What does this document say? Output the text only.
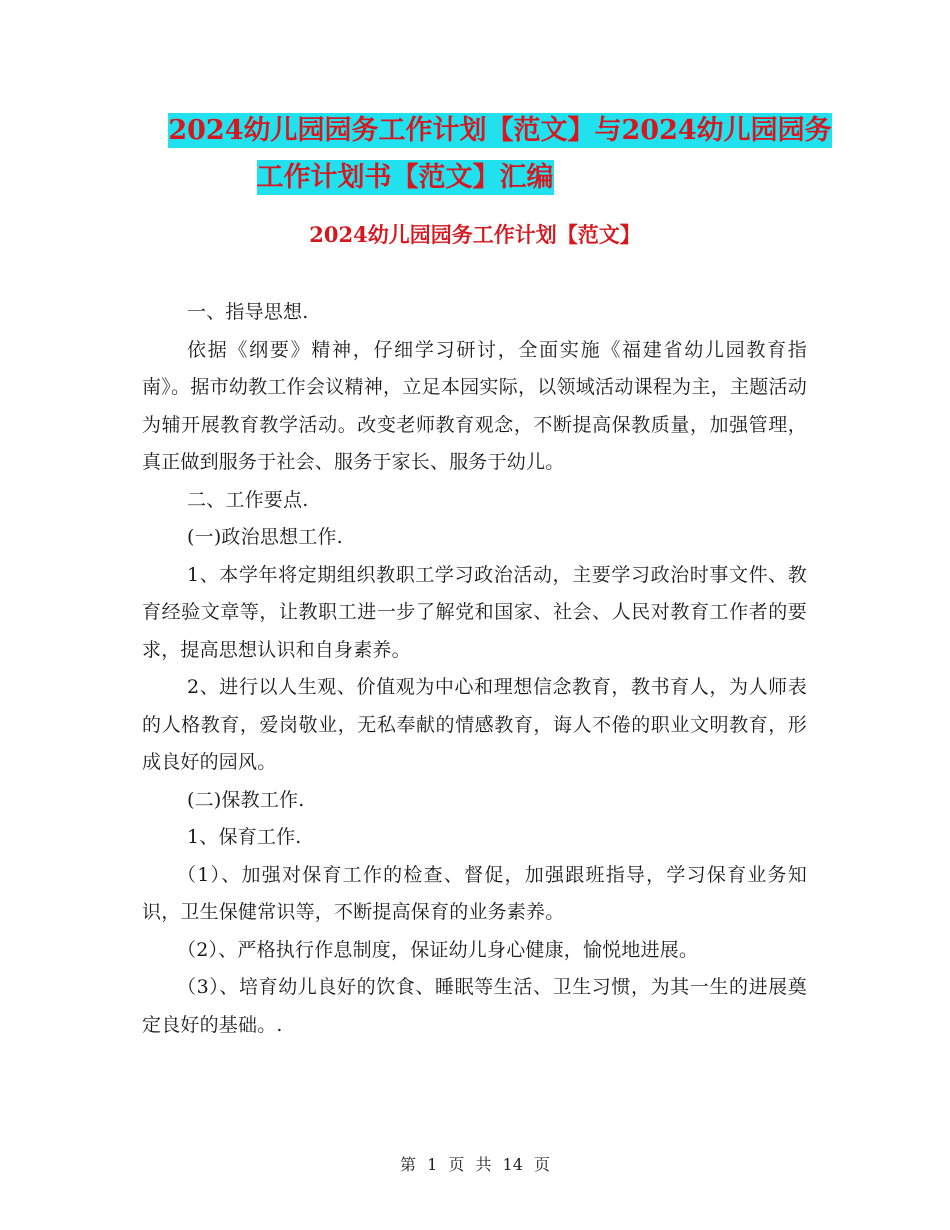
2024幼儿园园务工作计划【范文】与2024幼儿园园务
工作计划书【范文】汇编
2024幼儿园园务工作计划【范文】

一、指导思想.

依据《纲要》精神，仔细学习研讨，全面实施《福建省幼儿园教育指南》。据市幼教工作会议精神，立足本园实际，以领域活动课程为主，主题活动为辅开展教育教学活动。改变老师教育观念，不断提高保教质量，加强管理，真正做到服务于社会、服务于家长、服务于幼儿。

二、工作要点.

(一)政治思想工作.

1、本学年将定期组织教职工学习政治活动，主要学习政治时事文件、教育经验文章等，让教职工进一步了解党和国家、社会、人民对教育工作者的要求，提高思想认识和自身素养。

2、进行以人生观、价值观为中心和理想信念教育，教书育人，为人师表的人格教育，爱岗敬业，无私奉献的情感教育，诲人不倦的职业文明教育，形成良好的园风。

(二)保教工作.

1、保育工作.

（1）、加强对保育工作的检查、督促，加强跟班指导，学习保育业务知识，卫生保健常识等，不断提高保育的业务素养。

（2）、严格执行作息制度，保证幼儿身心健康，愉悦地进展。

（3）、培育幼儿良好的饮食、睡眠等生活、卫生习惯，为其一生的进展奠定良好的基础。.

第 1 页 共 14 页
